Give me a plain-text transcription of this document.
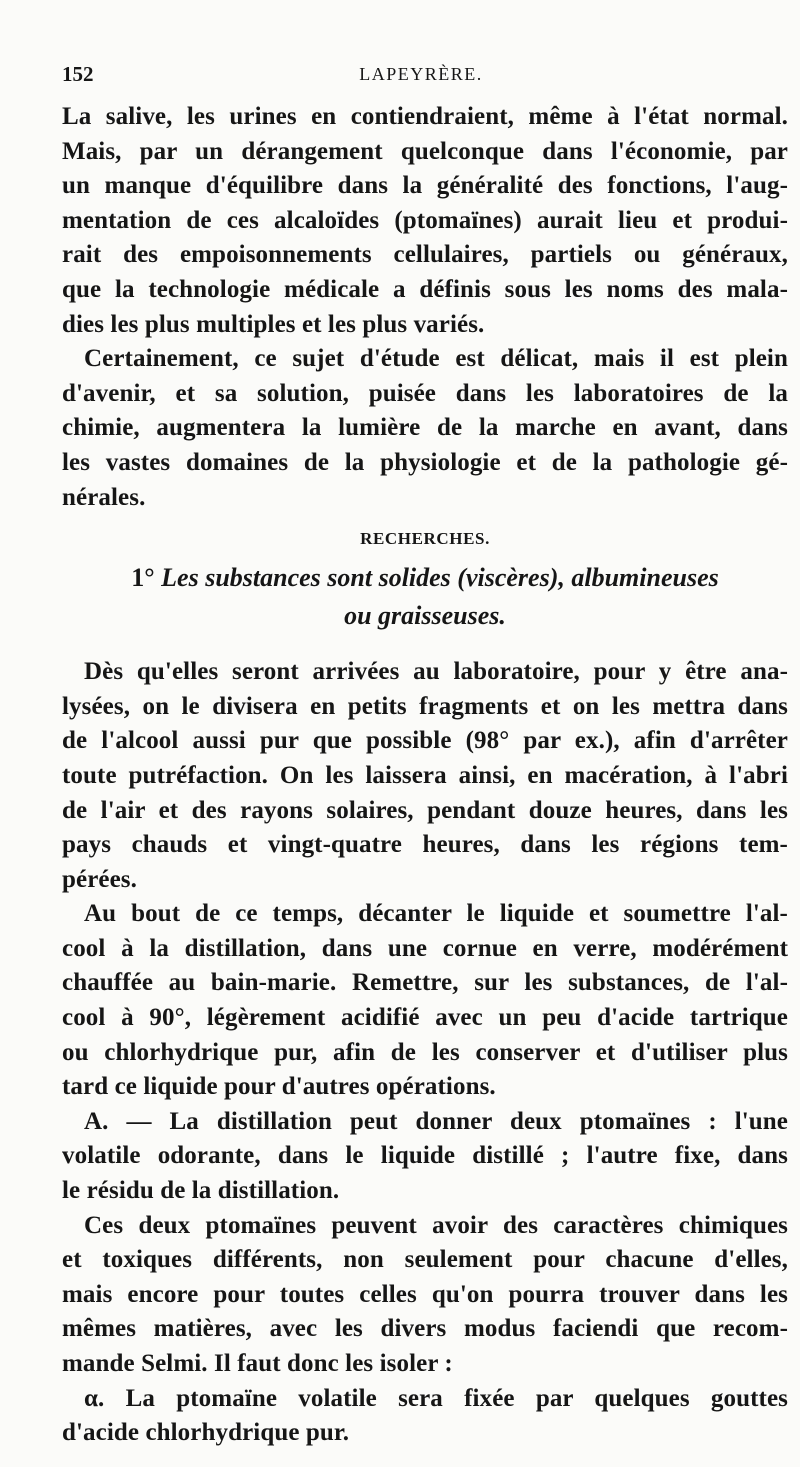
152	LAPEYRÈRE.
La salive, les urines en contiendraient, même à l'état normal.
Mais, par un dérangement quelconque dans l'économie, par
un manque d'équilibre dans la généralité des fonctions, l'aug-
mentation de ces alcaloïdes (ptomaïnes) aurait lieu et produi-
rait des empoisonnements cellulaires, partiels ou généraux,
que la technologie médicale a définis sous les noms des mala-
dies les plus multiples et les plus variés.
Certainement, ce sujet d'étude est délicat, mais il est plein
d'avenir, et sa solution, puisée dans les laboratoires de la
chimie, augmentera la lumière de la marche en avant, dans
les vastes domaines de la physiologie et de la pathologie gé-
nérales.
RECHERCHES.
1° Les substances sont solides (viscères), albumineuses
ou graisseuses.
Dès qu'elles seront arrivées au laboratoire, pour y être ana-
lysées, on le divisera en petits fragments et on les mettra dans
de l'alcool aussi pur que possible (98° par ex.), afin d'arrêter
toute putréfaction. On les laissera ainsi, en macération, à l'abri
de l'air et des rayons solaires, pendant douze heures, dans les
pays chauds et vingt-quatre heures, dans les régions tem-
pérées.
Au bout de ce temps, décanter le liquide et soumettre l'al-
cool à la distillation, dans une cornue en verre, modérément
chauffée au bain-marie. Remettre, sur les substances, de l'al-
cool à 90°, légèrement acidifié avec un peu d'acide tartrique
ou chlorhydrique pur, afin de les conserver et d'utiliser plus
tard ce liquide pour d'autres opérations.
A. — La distillation peut donner deux ptomaïnes : l'une
volatile odorante, dans le liquide distillé ; l'autre fixe, dans
le résidu de la distillation.
Ces deux ptomaïnes peuvent avoir des caractères chimiques
et toxiques différents, non seulement pour chacune d'elles,
mais encore pour toutes celles qu'on pourra trouver dans les
mêmes matières, avec les divers modus faciendi que recom-
mande Selmi. Il faut donc les isoler :
α. La ptomaïne volatile sera fixée par quelques gouttes
d'acide chlorhydrique pur.
